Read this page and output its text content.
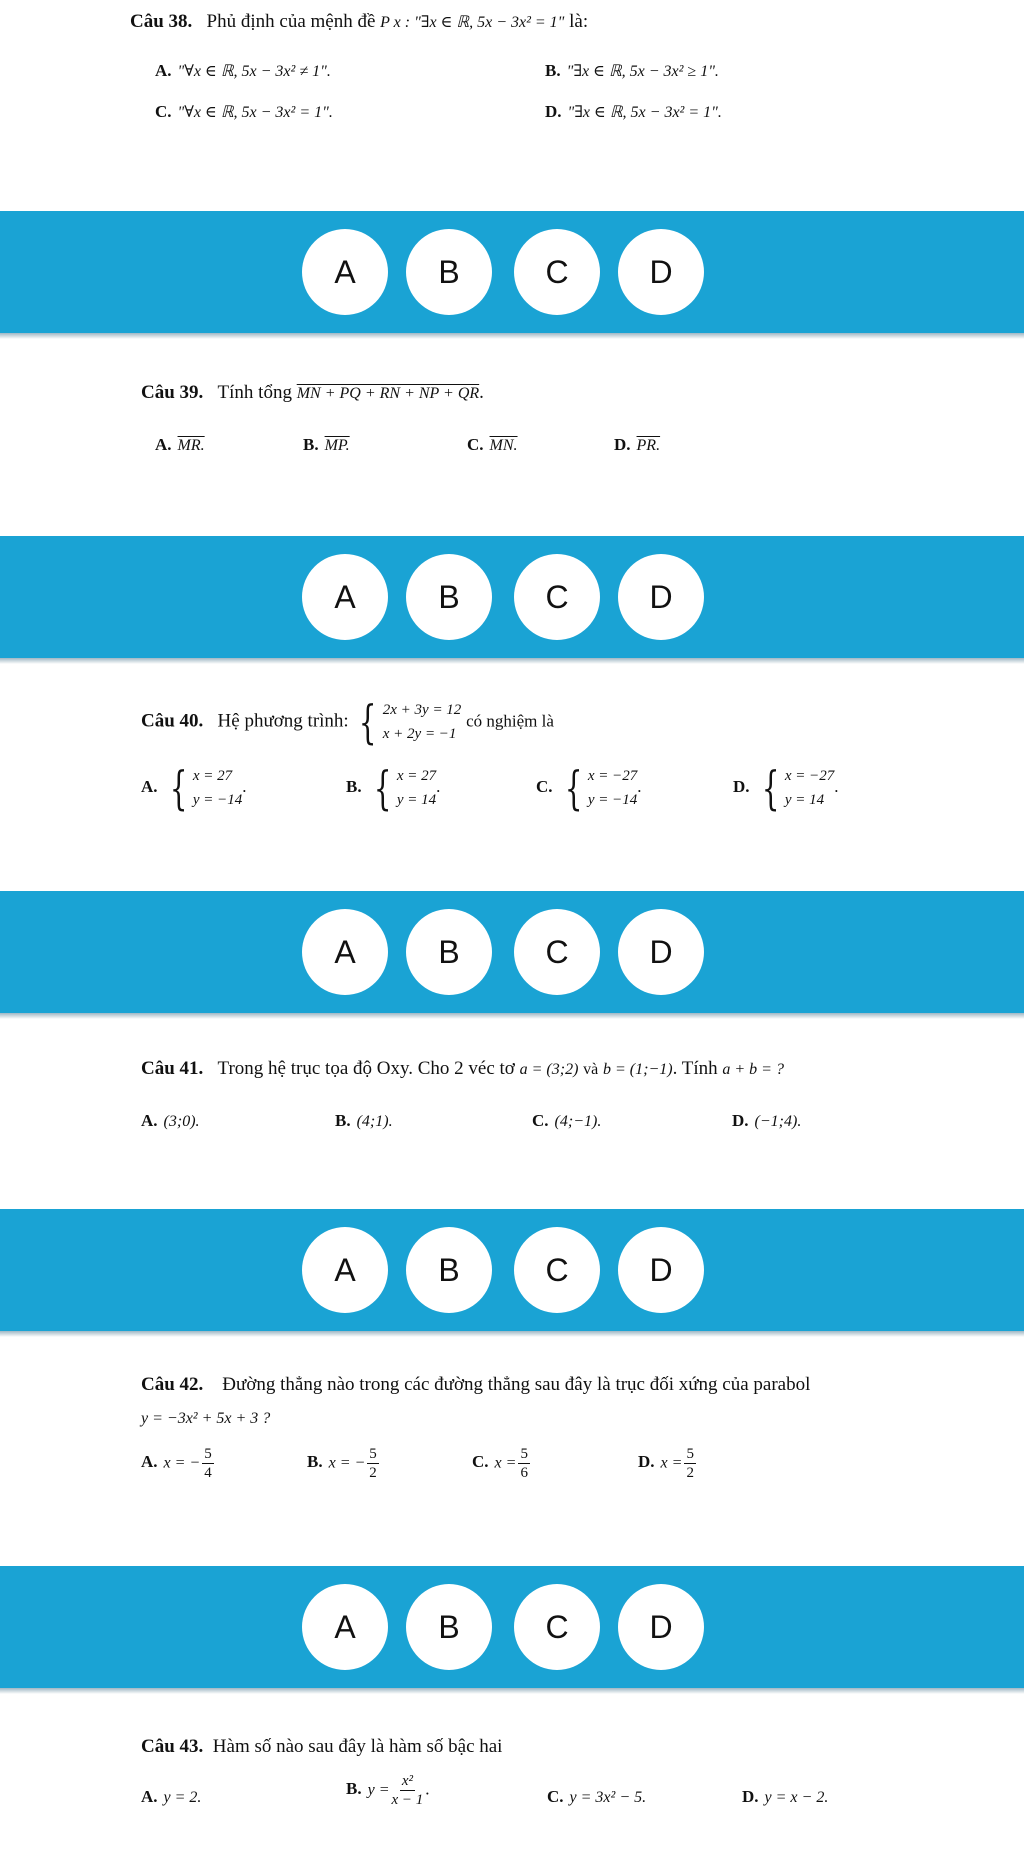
Câu 38. Phủ định của mệnh đề P x : "∃x ∈ ℝ, 5x − 3x² = 1" là:
A. "∀x ∈ ℝ, 5x − 3x² ≠ 1".	B. "∃x ∈ ℝ, 5x − 3x² ≥ 1".
C. "∀x ∈ ℝ, 5x − 3x² = 1".	D. "∃x ∈ ℝ, 5x − 3x² = 1".
A	B	C	D
Câu 39. Tính tổng MN + PQ + RN + NP + QR.
A. MR.	B. MP.	C. MN.	D. PR.
A	B	C	D
Câu 40. Hệ phương trình: { 2x + 3y = 12
x + 2y = −1
có nghiệm là
A. { x = 27
y = −14
.	B. { x = 27
y = 14
.	C. { x = −27
y = −14
.	D. { x = −27
y = 14
.
A	B	C	D
Câu 41. Trong hệ trục tọa độ Oxy. Cho 2 véc tơ a = (3;2) và b = (1;−1). Tính a + b = ?
A. (3;0).	B. (4;1).	C. (4;−1).	D. (−1;4).
A	B	C	D
Câu 42. Đường thẳng nào trong các đường thẳng sau đây là trục đối xứng của parabol
y = −3x² + 5x + 3 ?
A. x = − $\frac{5}{4}$	B. x = − $\frac{5}{2}$	C. $x = \frac{5}{6}$	D. $x = \frac{5}{2}$
A	B	C	D
Câu 43. Hàm số nào sau đây là hàm số bậc hai
A. y = 2.	B. $y = \frac{\text{x²}}{x - 1}$ .	C. y = 3x² − 5.	D. y = x − 2.
